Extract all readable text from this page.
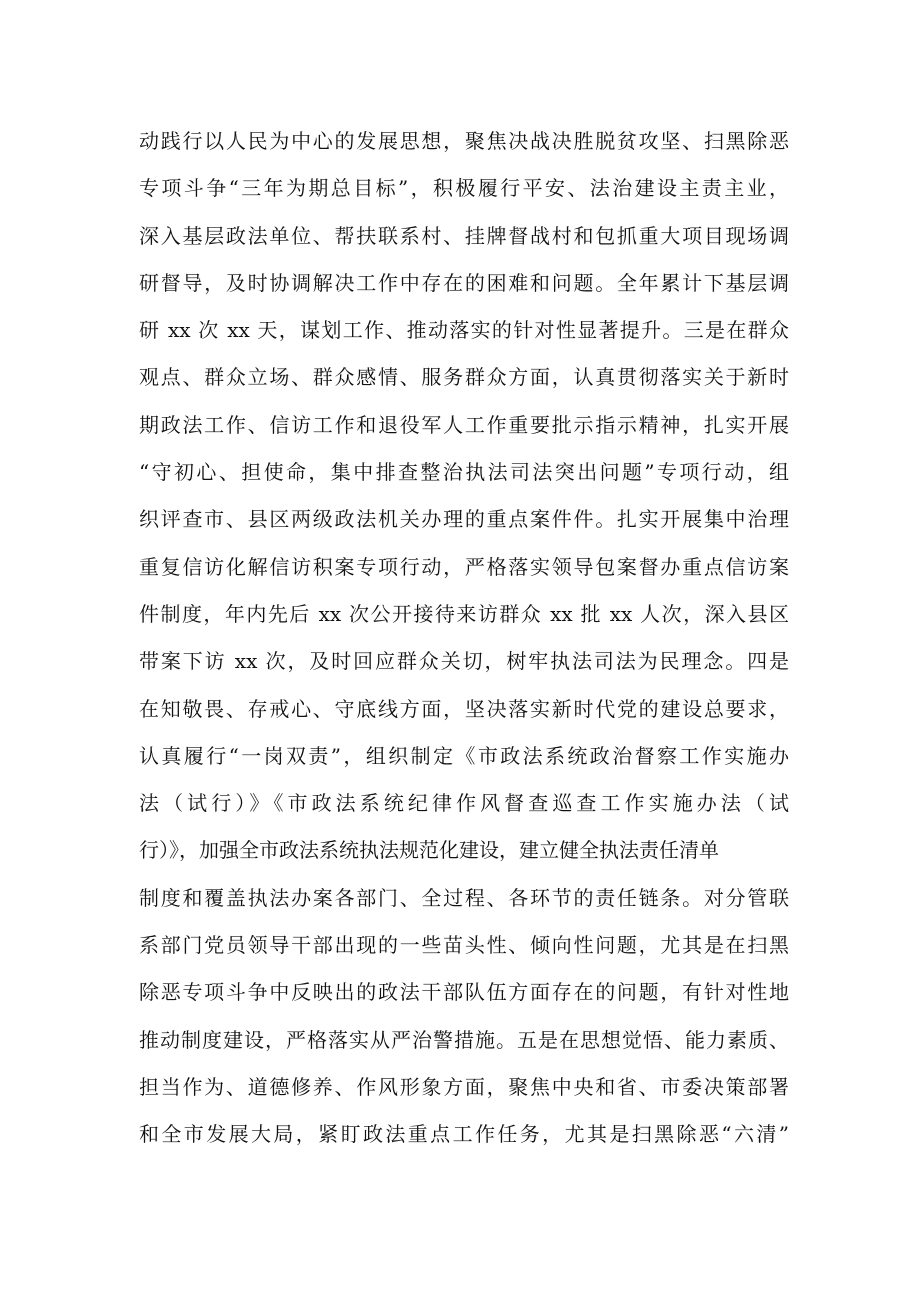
动践行以人民为中心的发展思想，聚焦决战决胜脱贫攻坚、扫黑除恶
专项斗争“三年为期总目标”，积极履行平安、法治建设主责主业，
深入基层政法单位、帮扶联系村、挂牌督战村和包抓重大项目现场调
研督导，及时协调解决工作中存在的困难和问题。全年累计下基层调
研 xx 次 xx 天，谋划工作、推动落实的针对性显著提升。三是在群众
观点、群众立场、群众感情、服务群众方面，认真贯彻落实关于新时
期政法工作、信访工作和退役军人工作重要批示指示精神，扎实开展
“守初心、担使命，集中排查整治执法司法突出问题”专项行动，组
织评查市、县区两级政法机关办理的重点案件件。扎实开展集中治理
重复信访化解信访积案专项行动，严格落实领导包案督办重点信访案
件制度，年内先后 xx 次公开接待来访群众 xx 批 xx 人次，深入县区
带案下访 xx 次，及时回应群众关切，树牢执法司法为民理念。四是
在知敬畏、存戒心、守底线方面，坚决落实新时代党的建设总要求，
认真履行“一岗双责”，组织制定《市政法系统政治督察工作实施办
法（试行）》《市政法系统纪律作风督查巡查工作实施办法（试
行）》，加强全市政法系统执法规范化建设，建立健全执法责任清单
制度和覆盖执法办案各部门、全过程、各环节的责任链条。对分管联
系部门党员领导干部出现的一些苗头性、倾向性问题，尤其是在扫黑
除恶专项斗争中反映出的政法干部队伍方面存在的问题，有针对性地
推动制度建设，严格落实从严治警措施。五是在思想觉悟、能力素质、
担当作为、道德修养、作风形象方面，聚焦中央和省、市委决策部署
和全市发展大局，紧盯政法重点工作任务，尤其是扫黑除恶“六清”
